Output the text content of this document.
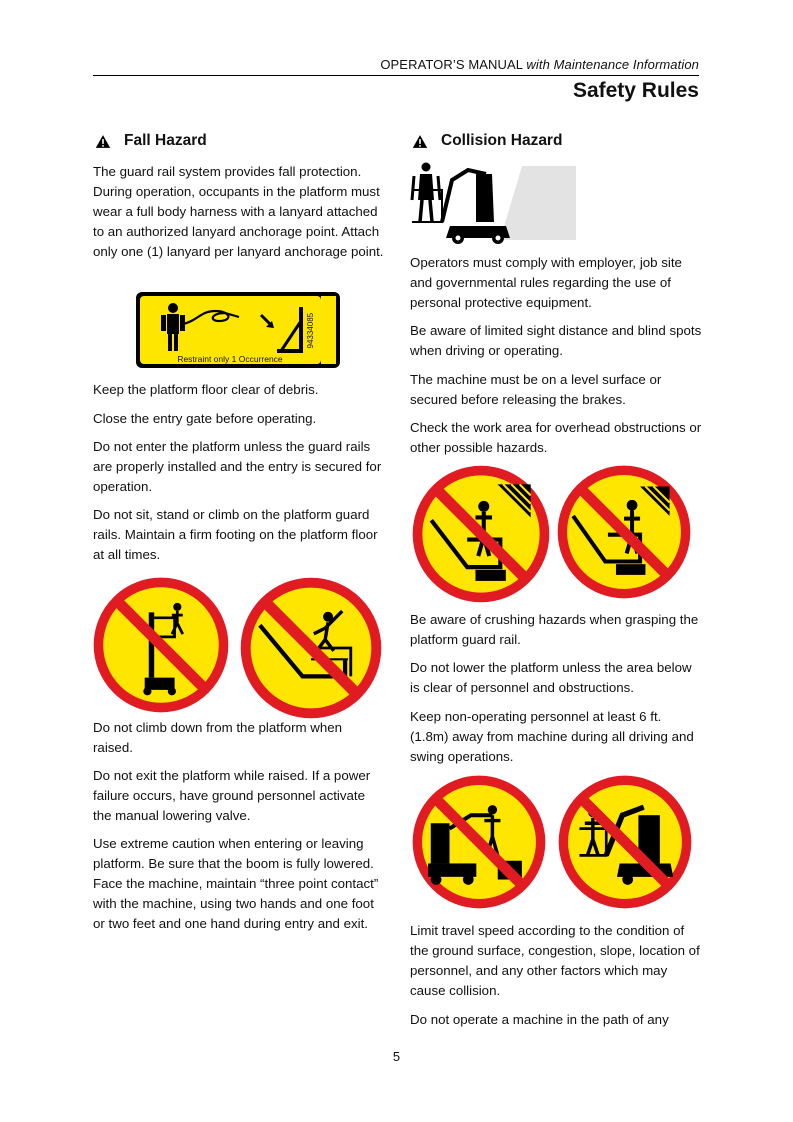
OPERATOR’S MANUAL with Maintenance Information
Safety Rules
Fall Hazard

The guard rail system provides fall protection. During operation, occupants in the platform must wear a full body harness with a lanyard attached to an authorized lanyard anchorage point. Attach only one (1) lanyard per lanyard anchorage point.

Restraint only 1 Occurrence
94334085

Keep the platform floor clear of debris.

Close the entry gate before operating.

Do not enter the platform unless the guard rails are properly installed and the entry is secured for operation.

Do not sit, stand or climb on the platform guard rails. Maintain a firm footing on the platform floor at all times.

Do not climb down from the platform when raised.

Do not exit the platform while raised. If a power failure occurs, have ground personnel activate the manual lowering valve.

Use extreme caution when entering or leaving platform. Be sure that the boom is fully lowered. Face the machine, maintain “three point contact” with the machine, using two hands and one foot or two feet and one hand during entry and exit.

Collision Hazard

Operators must comply with employer, job site and governmental rules regarding the use of personal protective equipment.

Be aware of limited sight distance and blind spots when driving or operating.

The machine must be on a level surface or secured before releasing the brakes.

Check the work area for overhead obstructions or other possible hazards.

Be aware of crushing hazards when grasping the platform guard rail.

Do not lower the platform unless the area below is clear of personnel and obstructions.

Keep non-operating personnel at least 6 ft. (1.8m) away from machine during all driving and swing operations.

Limit travel speed according to the condition of the ground surface, congestion, slope, location of personnel, and any other factors which may cause collision.

Do not operate a machine in the path of any

5
